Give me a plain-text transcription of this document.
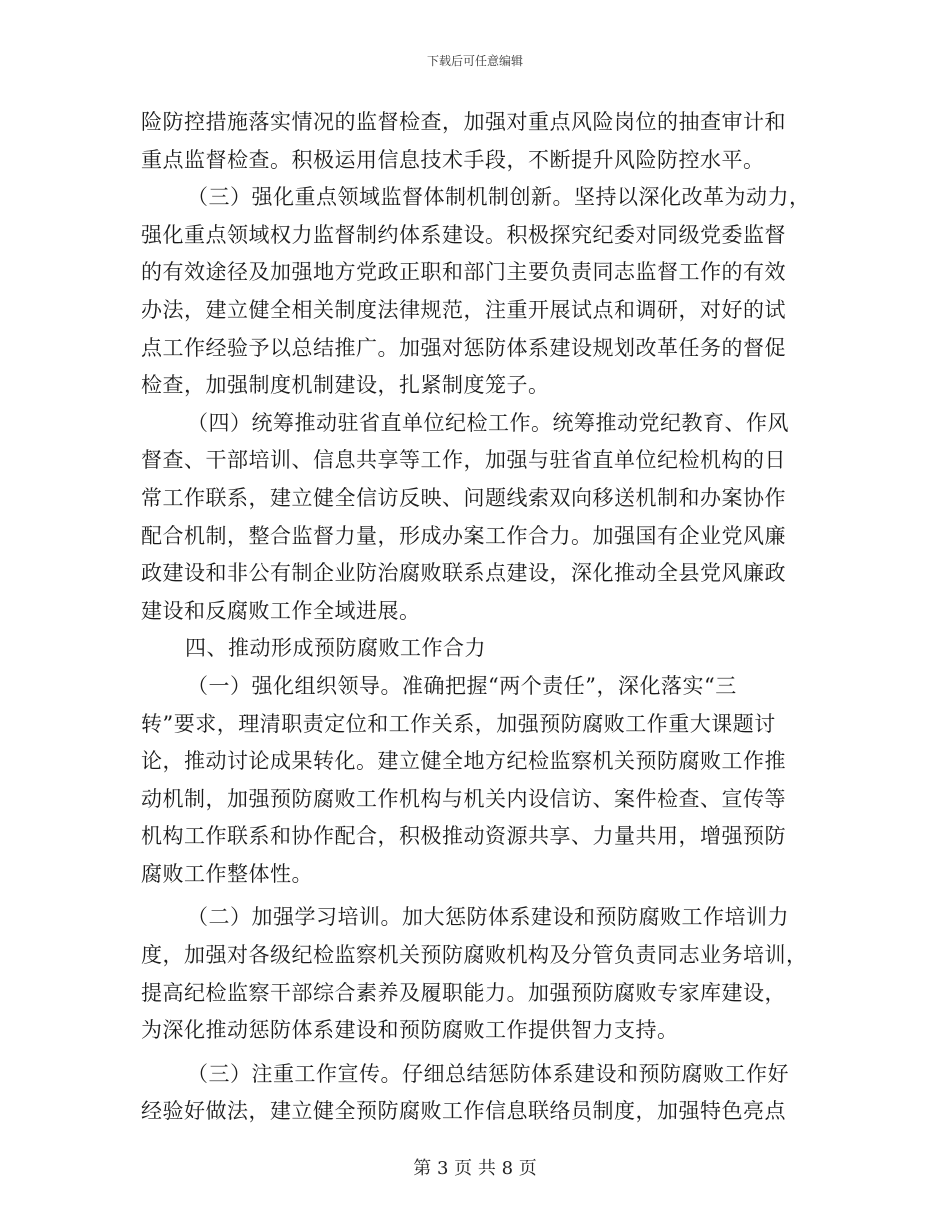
下载后可任意编辑
险防控措施落实情况的监督检查，加强对重点风险岗位的抽查审计和
重点监督检查。积极运用信息技术手段，不断提升风险防控水平。
（三）强化重点领域监督体制机制创新。坚持以深化改革为动力，
强化重点领域权力监督制约体系建设。积极探究纪委对同级党委监督
的有效途径及加强地方党政正职和部门主要负责同志监督工作的有效
办法，建立健全相关制度法律规范，注重开展试点和调研，对好的试
点工作经验予以总结推广。加强对惩防体系建设规划改革任务的督促
检查，加强制度机制建设，扎紧制度笼子。
（四）统筹推动驻省直单位纪检工作。统筹推动党纪教育、作风
督查、干部培训、信息共享等工作，加强与驻省直单位纪检机构的日
常工作联系，建立健全信访反映、问题线索双向移送机制和办案协作
配合机制，整合监督力量，形成办案工作合力。加强国有企业党风廉
政建设和非公有制企业防治腐败联系点建设，深化推动全县党风廉政
建设和反腐败工作全域进展。
四、推动形成预防腐败工作合力
（一）强化组织领导。准确把握“两个责任”，深化落实“三
转”要求，理清职责定位和工作关系，加强预防腐败工作重大课题讨
论，推动讨论成果转化。建立健全地方纪检监察机关预防腐败工作推
动机制，加强预防腐败工作机构与机关内设信访、案件检查、宣传等
机构工作联系和协作配合，积极推动资源共享、力量共用，增强预防
腐败工作整体性。
（二）加强学习培训。加大惩防体系建设和预防腐败工作培训力
度，加强对各级纪检监察机关预防腐败机构及分管负责同志业务培训，
提高纪检监察干部综合素养及履职能力。加强预防腐败专家库建设，
为深化推动惩防体系建设和预防腐败工作提供智力支持。
（三）注重工作宣传。仔细总结惩防体系建设和预防腐败工作好
经验好做法，建立健全预防腐败工作信息联络员制度，加强特色亮点
第 3 页 共 8 页
